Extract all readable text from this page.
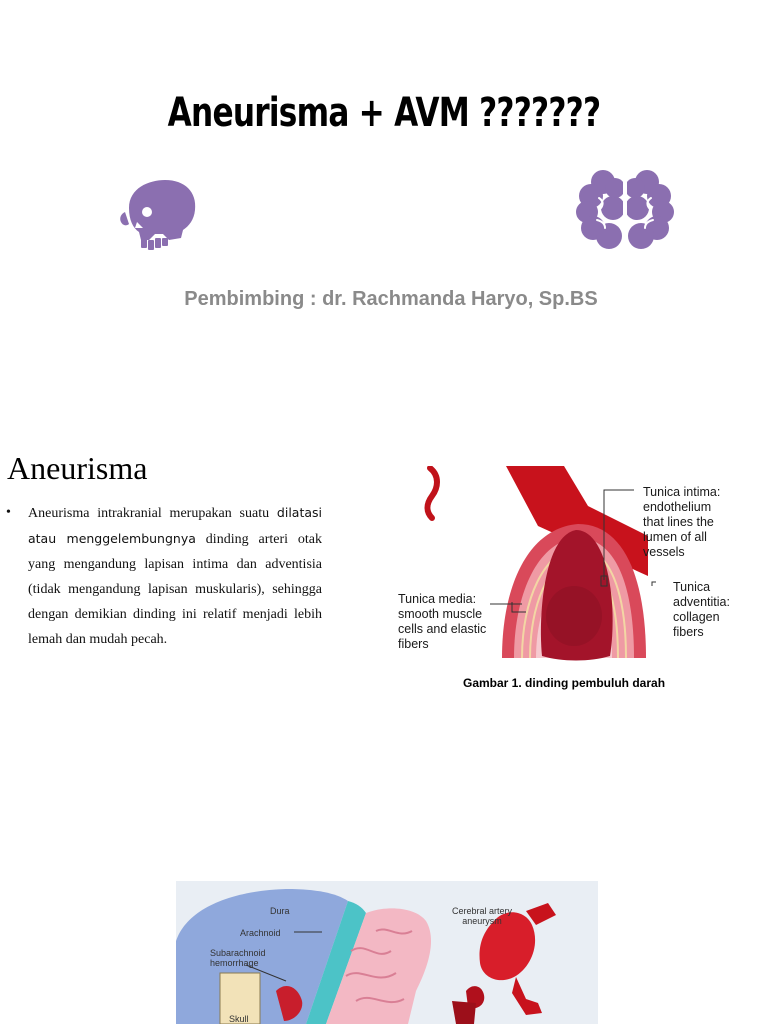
Aneurisma + AVM ???????
Pembimbing : dr. Rachmanda Haryo, Sp.BS
Aneurisma
• Aneurisma intrakranial merupakan suatu dilatasi atau menggelembungnya dinding arteri otak yang mengandung lapisan intima dan adventisia (tidak mengandung lapisan muskularis), sehingga dengan demikian dinding ini relatif menjadi lebih lemah dan mudah pecah.
Tunica intima:
endothelium
that lines the
lumen of all
vessels
Tunica
adventitia:
collagen
fibers
Tunica media:
smooth muscle
cells and elastic
fibers
Gambar 1. dinding pembuluh darah
Dura
Arachnoid
Subarachnoid
hemorrhage
Skull
Cerebral artery
aneurysm
